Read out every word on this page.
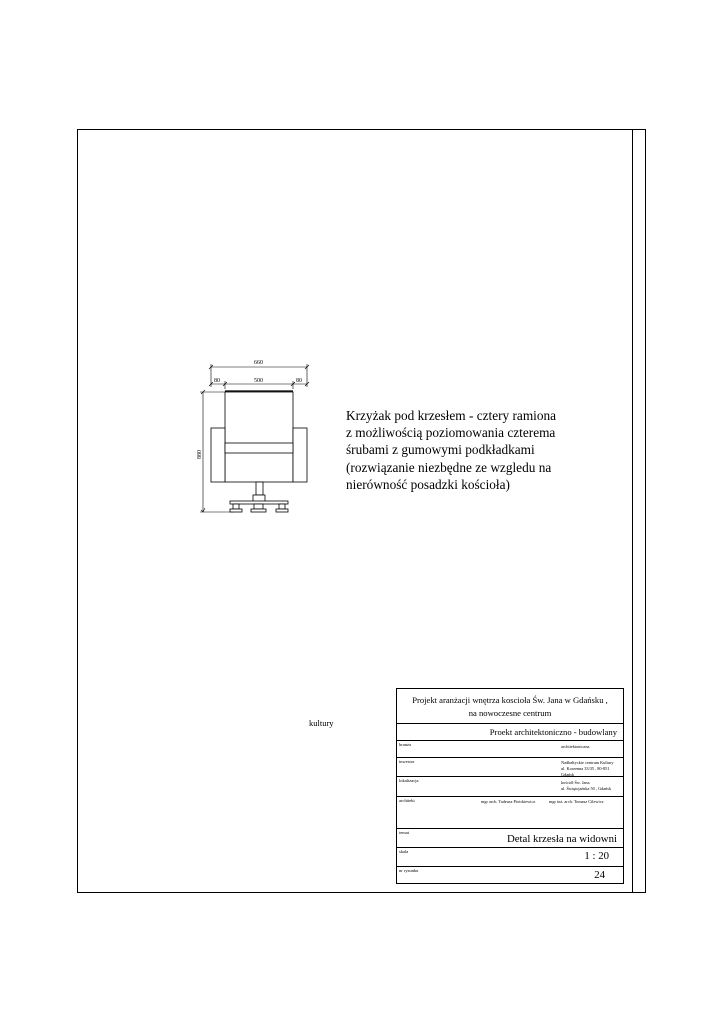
660
80	500	80
880
Krzyżak pod krzesłem - cztery ramiona
z możliwością poziomowania czterema
śrubami z gumowymi podkładkami
(rozwiązanie niezbędne ze wzgledu na
nierówność posadzki kościoła)
kultury
Projekt aranżacji wnętrza koscioła Św. Jana w Gdańsku ,
na nowoczesne centrum
Proekt architektoniczno - budowlany
branża	architektoniczna
inwestor	Nadbałtyckie centrum Kultury
ul. Korzenna 33/35 , 80-851 Gdańsk
lokalizacja	kościół Św. Jana
ul. Świętojańska 50 , Gdańsk
architekt	mgr arch. Tadeusz Piotrkiewicz	mgr inż. arch. Tomasz Cilewicz
temat
Detal krzesła na widowni
skala	1 : 20
nr rysunku	24
